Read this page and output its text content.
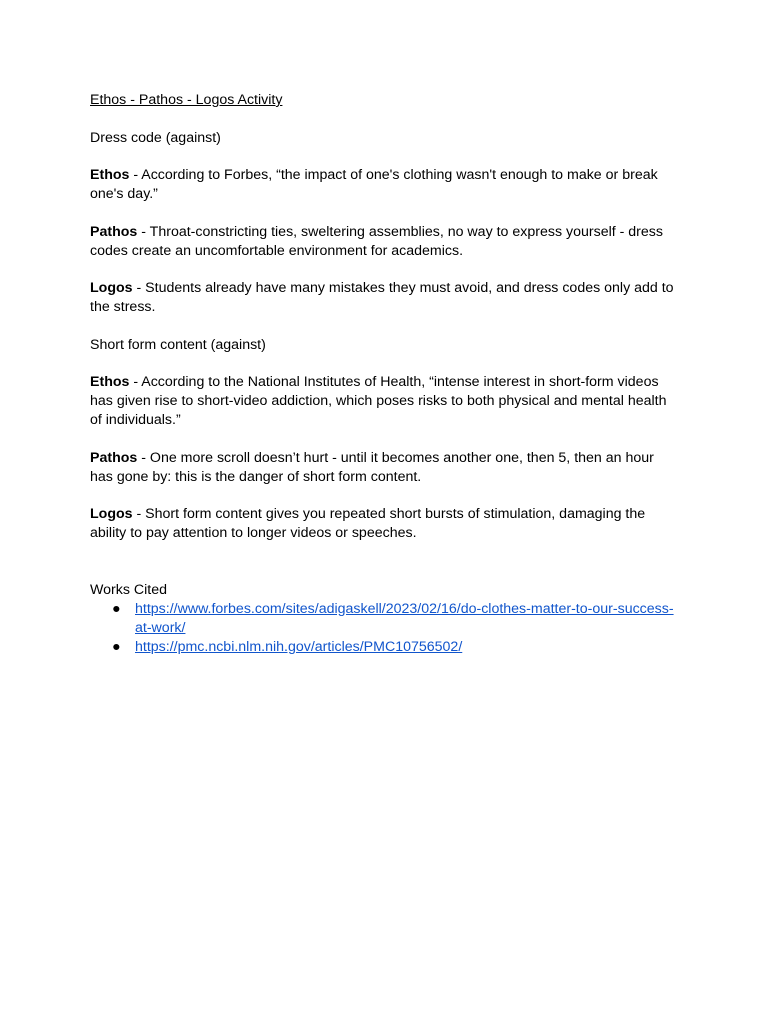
Ethos - Pathos - Logos Activity

Dress code (against)

Ethos - According to Forbes, “the impact of one's clothing wasn't enough to make or break one's day.”

Pathos - Throat-constricting ties, sweltering assemblies, no way to express yourself - dress codes create an uncomfortable environment for academics.

Logos - Students already have many mistakes they must avoid, and dress codes only add to the stress.

Short form content (against)

Ethos - According to the National Institutes of Health, “intense interest in short-form videos has given rise to short-video addiction, which poses risks to both physical and mental health of individuals.”

Pathos - One more scroll doesn’t hurt - until it becomes another one, then 5, then an hour has gone by: this is the danger of short form content.

Logos - Short form content gives you repeated short bursts of stimulation, damaging the ability to pay attention to longer videos or speeches.

Works Cited

● https://www.forbes.com/sites/adigaskell/2023/02/16/do-clothes-matter-to-our-success-at-work/
● https://pmc.ncbi.nlm.nih.gov/articles/PMC10756502/
